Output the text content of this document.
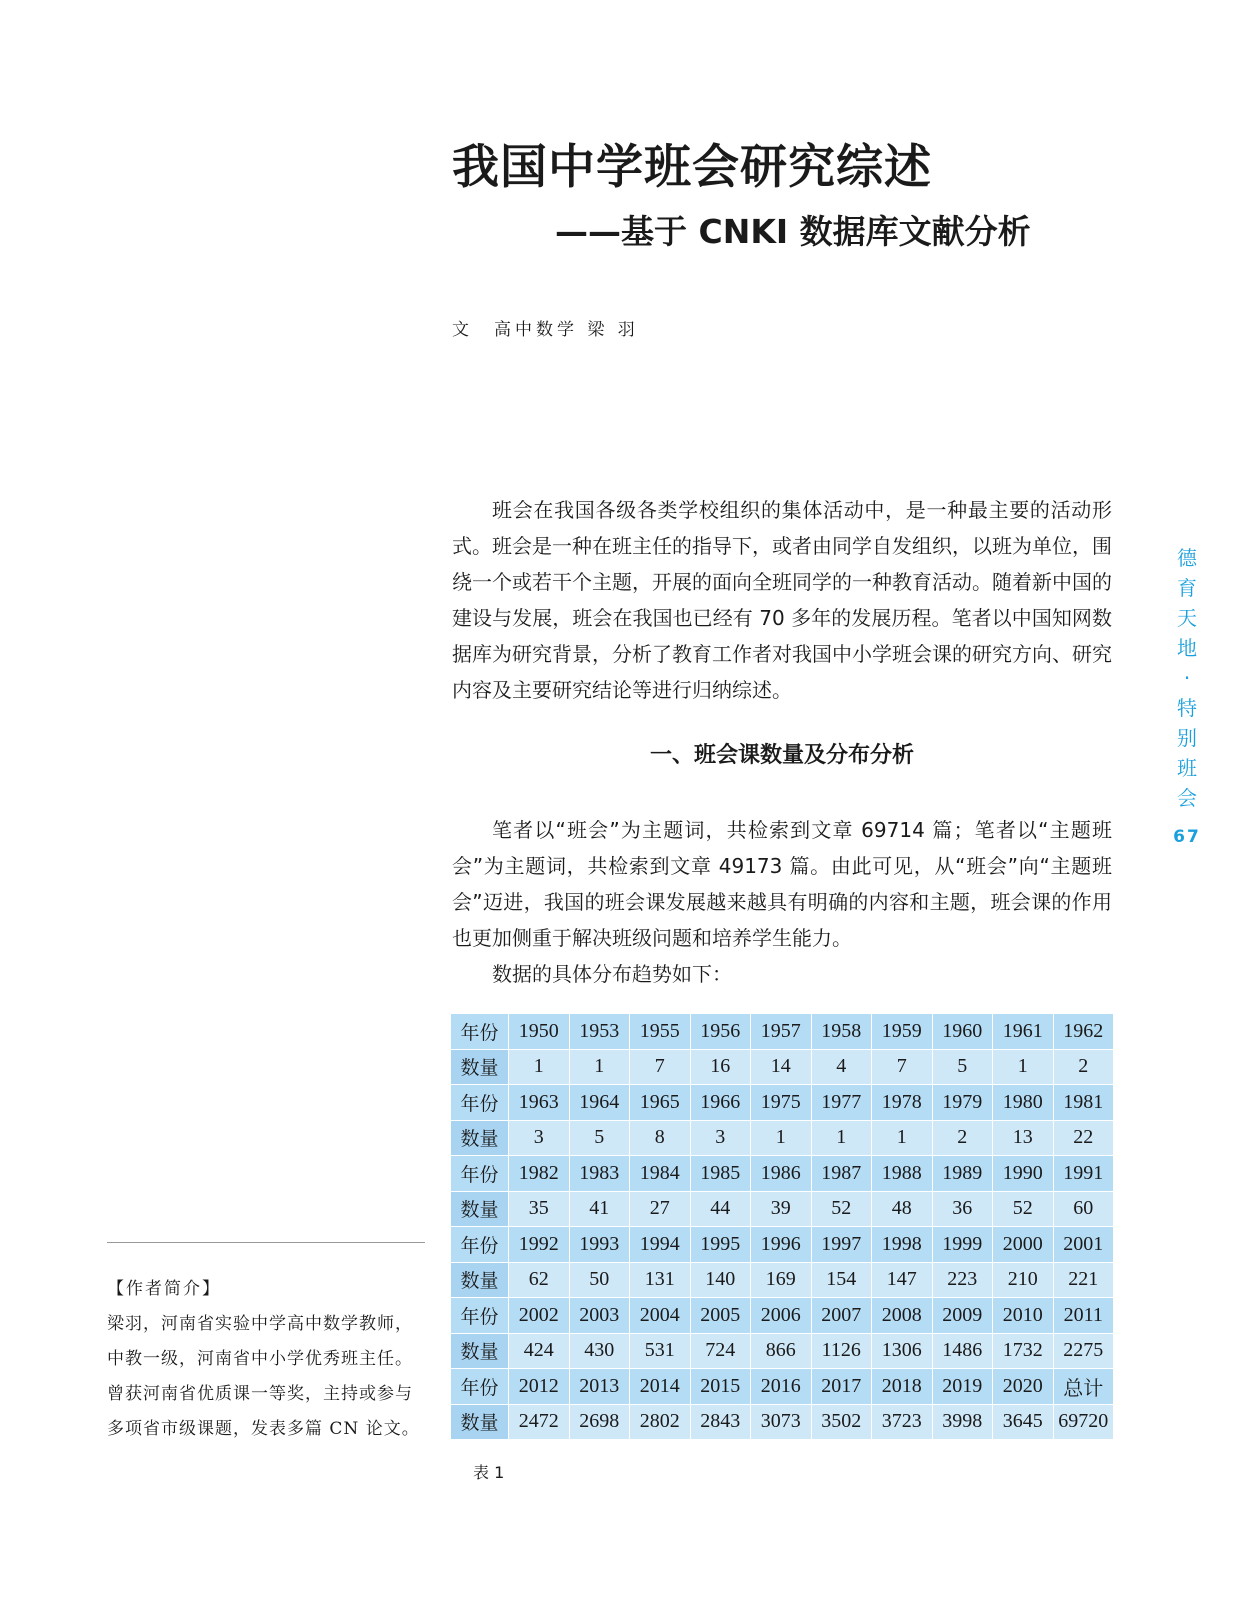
我国中学班会研究综述
——基于 CNKI 数据库文献分析
文　高中数学 梁 羽

班会在我国各级各类学校组织的集体活动中，是一种最主要的活动形式。班会是一种在班主任的指导下，或者由同学自发组织，以班为单位，围绕一个或若干个主题，开展的面向全班同学的一种教育活动。随着新中国的建设与发展，班会在我国也已经有 70 多年的发展历程。笔者以中国知网数据库为研究背景，分析了教育工作者对我国中小学班会课的研究方向、研究内容及主要研究结论等进行归纳综述。

一、班会课数量及分布分析

笔者以“班会”为主题词，共检索到文章 69714 篇；笔者以“主题班会”为主题词，共检索到文章 49173 篇。由此可见，从“班会”向“主题班会”迈进，我国的班会课发展越来越具有明确的内容和主题，班会课的作用也更加侧重于解决班级问题和培养学生能力。

数据的具体分布趋势如下：

德
育
天
地
·
特
别
班
会
67
【作者简介】
梁羽，河南省实验中学高中数学教师，
中教一级，河南省中小学优秀班主任。
曾获河南省优质课一等奖，主持或参与
多项省市级课题，发表多篇 CN 论文。
年份	1950	1953	1955	1956	1957	1958	1959	1960	1961	1962
数量	1	1	7	16	14	4	7	5	1	2
年份	1963	1964	1965	1966	1975	1977	1978	1979	1980	1981
数量	3	5	8	3	1	1	1	2	13	22
年份	1982	1983	1984	1985	1986	1987	1988	1989	1990	1991
数量	35	41	27	44	39	52	48	36	52	60
年份	1992	1993	1994	1995	1996	1997	1998	1999	2000	2001
数量	62	50	131	140	169	154	147	223	210	221
年份	2002	2003	2004	2005	2006	2007	2008	2009	2010	2011
数量	424	430	531	724	866	1126	1306	1486	1732	2275
年份	2012	2013	2014	2015	2016	2017	2018	2019	2020	总计
数量	2472	2698	2802	2843	3073	3502	3723	3998	3645	69720
表 1
